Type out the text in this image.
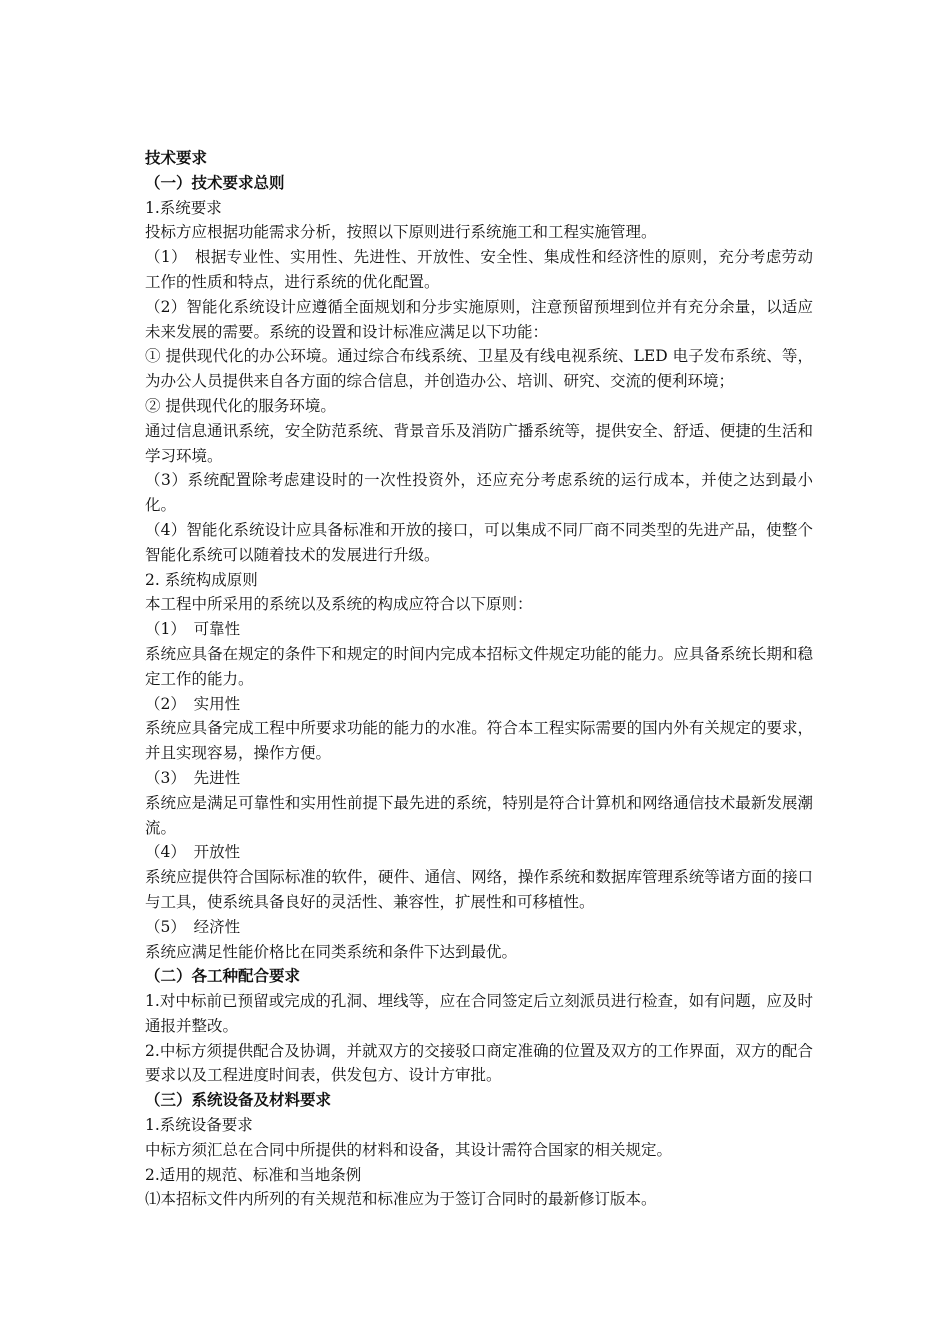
技术要求

（一）技术要求总则

1.系统要求

投标方应根据功能需求分析，按照以下原则进行系统施工和工程实施管理。

（1）　根据专业性、实用性、先进性、开放性、安全性、集成性和经济性的原则，充分考虑劳动工作的性质和特点，进行系统的优化配置。

（2）智能化系统设计应遵循全面规划和分步实施原则，注意预留预埋到位并有充分余量，以适应未来发展的需要。系统的设置和设计标准应满足以下功能：

① 提供现代化的办公环境。通过综合布线系统、卫星及有线电视系统、LED 电子发布系统、等，为办公人员提供来自各方面的综合信息，并创造办公、培训、研究、交流的便利环境；

② 提供现代化的服务环境。

通过信息通讯系统，安全防范系统、背景音乐及消防广播系统等，提供安全、舒适、便捷的生活和学习环境。

（3）系统配置除考虑建设时的一次性投资外，还应充分考虑系统的运行成本，并使之达到最小化。

（4）智能化系统设计应具备标准和开放的接口，可以集成不同厂商不同类型的先进产品，使整个智能化系统可以随着技术的发展进行升级。

2. 系统构成原则

本工程中所采用的系统以及系统的构成应符合以下原则：

（1）　可靠性

系统应具备在规定的条件下和规定的时间内完成本招标文件规定功能的能力。应具备系统长期和稳定工作的能力。

（2）　实用性

系统应具备完成工程中所要求功能的能力的水准。符合本工程实际需要的国内外有关规定的要求，并且实现容易，操作方便。

（3）　先进性

系统应是满足可靠性和实用性前提下最先进的系统，特别是符合计算机和网络通信技术最新发展潮流。

（4）　开放性

系统应提供符合国际标准的软件，硬件、通信、网络，操作系统和数据库管理系统等诸方面的接口与工具，使系统具备良好的灵活性、兼容性，扩展性和可移植性。

（5）　经济性

系统应满足性能价格比在同类系统和条件下达到最优。

（二）各工种配合要求

1.对中标前已预留或完成的孔洞、埋线等，应在合同签定后立刻派员进行检查，如有问题，应及时通报并整改。

2.中标方须提供配合及协调，并就双方的交接驳口商定准确的位置及双方的工作界面，双方的配合要求以及工程进度时间表，供发包方、设计方审批。

（三）系统设备及材料要求

1.系统设备要求

中标方须汇总在合同中所提供的材料和设备，其设计需符合国家的相关规定。

2.适用的规范、标准和当地条例

⑴本招标文件内所列的有关规范和标准应为于签订合同时的最新修订版本。
